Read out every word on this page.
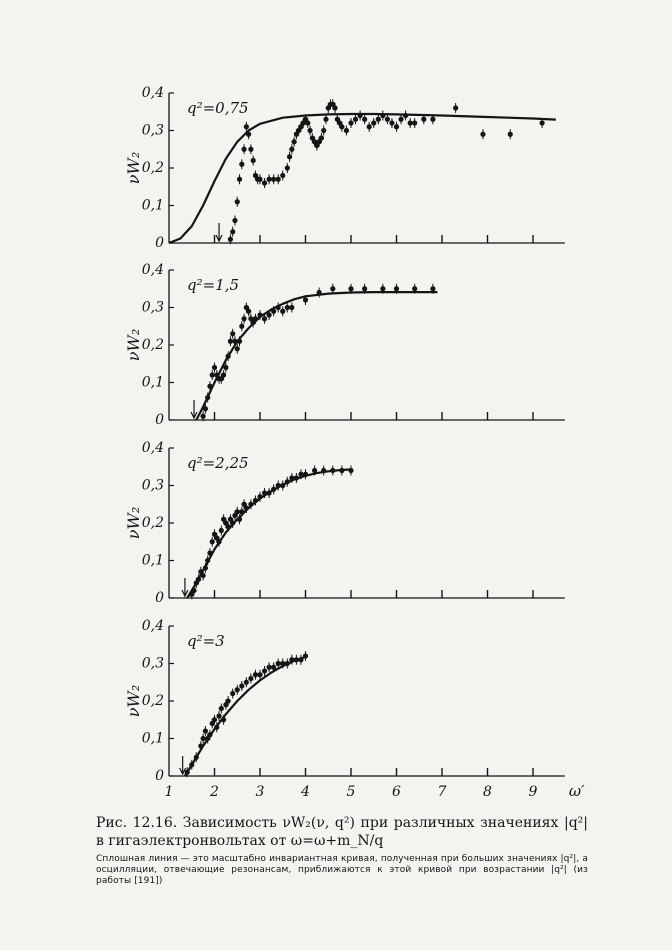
0
0,1
0,2
0,3
0,4
νW₂
q²=0,75
0
0,1
0,2
0,3
0,4
νW₂
q²=1,5
0
0,1
0,2
0,3
0,4
νW₂
q²=2,25
0
0,1
0,2
0,3
0,4
1	2	3	4	5	6	7	8	9 ω′
νW₂
q²=3

Рис. 12.16. Зависимость νW₂(ν, q²) при различных значениях |q²| в гигаэлектронвольтах от ω=ω+m_N/q

Сплошная линия — это масштабно инвариантная кривая, полученная при больших значениях |q²|, а осцилляции, отвечающие резонансам, приближаются к этой кривой при возрастании |q²| (из работы [191])
